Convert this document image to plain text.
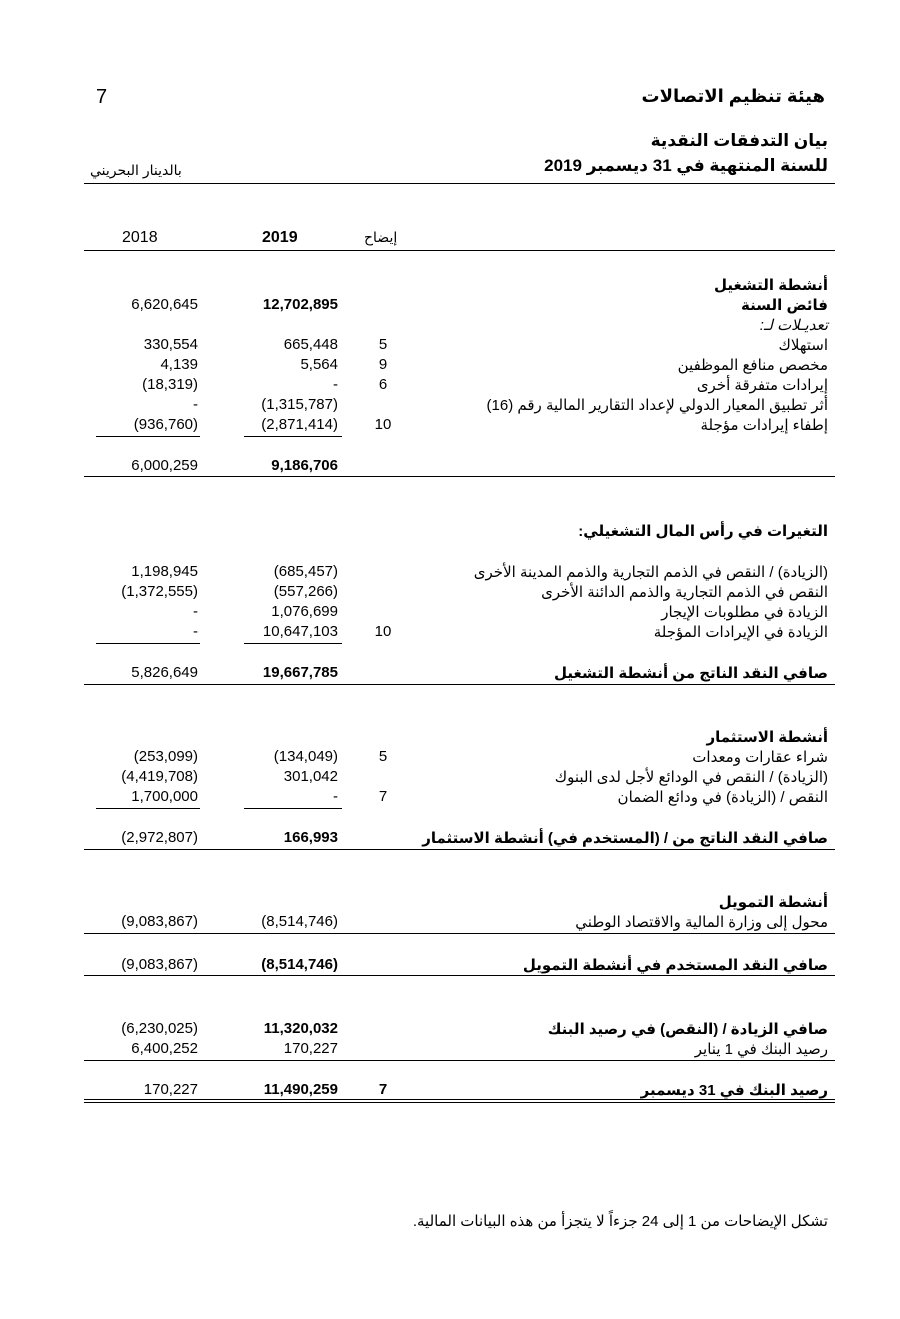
هيئة تنظيم الاتصالات
7
بيان التدفقات النقدية
للسنة المنتهية في 31 ديسمبر 2019
بالدينار البحريني
إيضاح
2019
2018
أنشطة التشغيل
فائض السنة
12,702,895
6,620,645
تعديـلات لـ:
استهلاك
5
665,448
330,554
مخصص منافع الموظفين
9
5,564
4,139
إيرادات متفرقة أخرى
6
-
(18,319)
أثر تطبيق المعيار الدولي لإعداد التقارير المالية رقم (16)
(1,315,787)
-
إطفاء إيرادات مؤجلة
10
(2,871,414)
(936,760)
9,186,706
6,000,259
التغيرات في رأس المال التشغيلي:
(الزيادة) / النقص في الذمم التجارية والذمم المدينة الأخرى
(685,457)
1,198,945
النقص في الذمم التجارية والذمم الدائنة الأخرى
(557,266)
(1,372,555)
الزيادة في مطلوبات الإيجار
1,076,699
-
الزيادة في الإيرادات المؤجلة
10
10,647,103
-
صافي النقد الناتج من أنشطة التشغيل
19,667,785
5,826,649
أنشطة الاستثمار
شراء عقارات ومعدات
5
(134,049)
(253,099)
(الزيادة) / النقص في الودائع لأجل لدى البنوك
301,042
(4,419,708)
النقص / (الزيادة) في ودائع الضمان
7
-
1,700,000
صافي النقد الناتج من / (المستخدم في) أنشطة الاستثمار
166,993
(2,972,807)
أنشطة التمويل
محول إلى وزارة المالية والاقتصاد الوطني
(8,514,746)
(9,083,867)
صافي النقد المستخدم في أنشطة التمويل
(8,514,746)
(9,083,867)
صافي الزيادة / (النقص) في رصيد البنك
11,320,032
(6,230,025)
رصيد البنك في 1 يناير
170,227
6,400,252
رصيد البنك في 31 ديسمبر
7
11,490,259
170,227
تشكل الإيضاحات من 1 إلى 24 جزءاً لا يتجزأ من هذه البيانات المالية.
